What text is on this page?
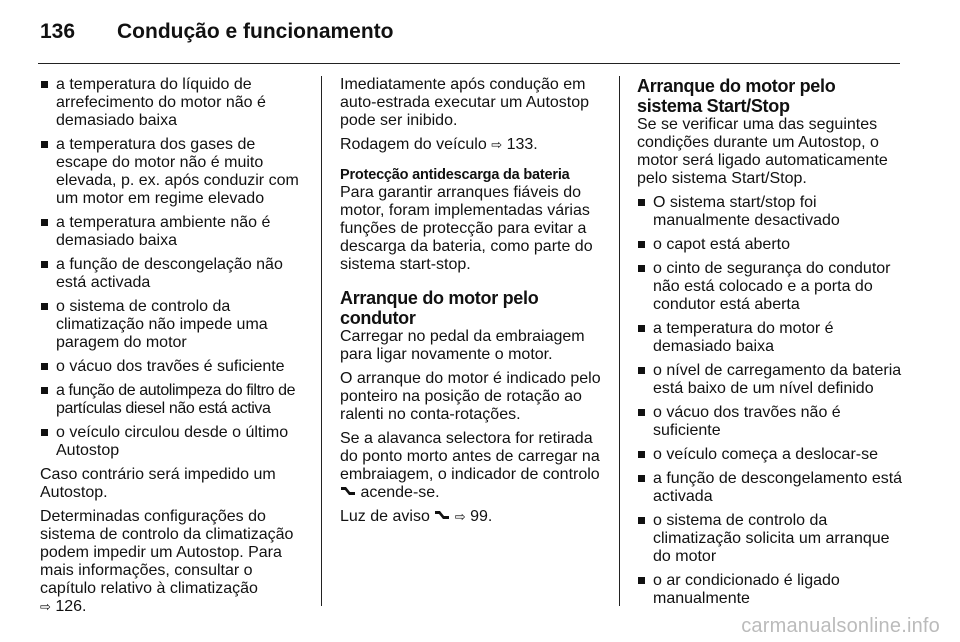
136 Condução e funcionamento
a temperatura do líquido de arrefecimento do motor não é demasiado baixa
a temperatura dos gases de escape do motor não é muito elevada, p. ex. após conduzir com um motor em regime elevado
a temperatura ambiente não é demasiado baixa
a função de descongelação não está activada
o sistema de controlo da climatização não impede uma paragem do motor
o vácuo dos travões é suficiente
a função de autolimpeza do filtro de partículas diesel não está activa
o veículo circulou desde o último Autostop

Caso contrário será impedido um Autostop.

Determinadas configurações do sistema de controlo da climatização podem impedir um Autostop. Para mais informações, consultar o capítulo relativo à climatização
⇨ 126.

Imediatamente após condução em auto-estrada executar um Autostop pode ser inibido.

Rodagem do veículo ⇨ 133.

Protecção antidescarga da bateria

Para garantir arranques fiáveis do motor, foram implementadas várias funções de protecção para evitar a descarga da bateria, como parte do sistema start-stop.

Arranque do motor pelo condutor

Carregar no pedal da embraiagem para ligar novamente o motor.

O arranque do motor é indicado pelo ponteiro na posição de rotação ao ralenti no conta-rotações.

Se a alavanca selectora for retirada do ponto morto antes de carregar na embraiagem, o indicador de controlo  acende-se.

Luz de aviso ⇨ 99.

Arranque do motor pelo sistema Start/Stop

Se se verificar uma das seguintes condições durante um Autostop, o motor será ligado automaticamente pelo sistema Start/Stop.

O sistema start/stop foi manualmente desactivado
o capot está aberto
o cinto de segurança do condutor não está colocado e a porta do condutor está aberta
a temperatura do motor é demasiado baixa
o nível de carregamento da bateria está baixo de um nível definido
o vácuo dos travões não é suficiente
o veículo começa a deslocar-se
a função de descongelamento está activada
o sistema de controlo da climatização solicita um arranque do motor
o ar condicionado é ligado manualmente
carmanualsonline.info
